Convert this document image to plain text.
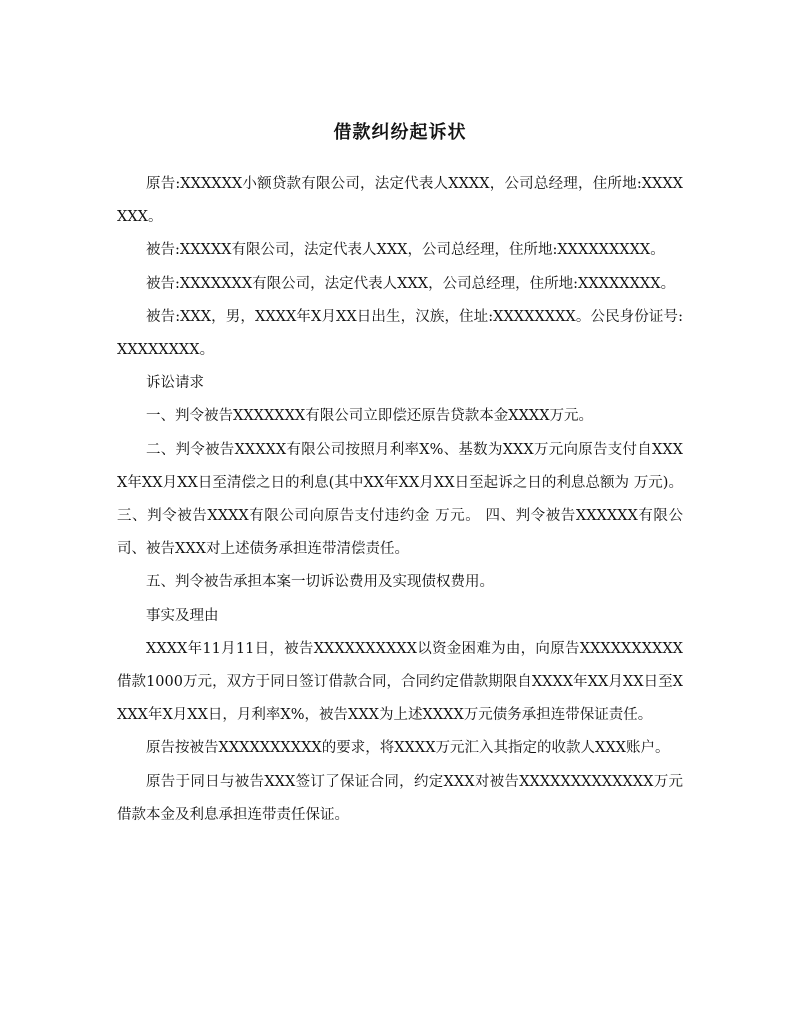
借款纠纷起诉状

原告:XXXXXX小额贷款有限公司，法定代表人XXXX，公司总经理，住所地:XXXXXXX。

被告:XXXXX有限公司，法定代表人XXX，公司总经理，住所地:XXXXXXXXX。

被告:XXXXXXX有限公司，法定代表人XXX，公司总经理，住所地:XXXXXXXX。

被告:XXX，男，XXXX年X月XX日出生，汉族，住址:XXXXXXXX。公民身份证号:XXXXXXXX。

诉讼请求

一、判令被告XXXXXXX有限公司立即偿还原告贷款本金XXXX万元。

二、判令被告XXXXX有限公司按照月利率X%、基数为XXX万元向原告支付自XXXX年XX月XX日至清偿之日的利息(其中XX年XX月XX日至起诉之日的利息总额为 万元)。 三、判令被告XXXX有限公司向原告支付违约金 万元。 四、判令被告XXXXXX有限公司、被告XXX对上述债务承担连带清偿责任。

五、判令被告承担本案一切诉讼费用及实现债权费用。

事实及理由

XXXX年11月11日，被告XXXXXXXXXX以资金困难为由，向原告XXXXXXXXXX借款1000万元，双方于同日签订借款合同，合同约定借款期限自XXXX年XX月XX日至XXXX年X月XX日，月利率X%，被告XXX为上述XXXX万元债务承担连带保证责任。

原告按被告XXXXXXXXXX的要求，将XXXX万元汇入其指定的收款人XXX账户。

原告于同日与被告XXX签订了保证合同，约定XXX对被告XXXXXXXXXXXXX万元借款本金及利息承担连带责任保证。
